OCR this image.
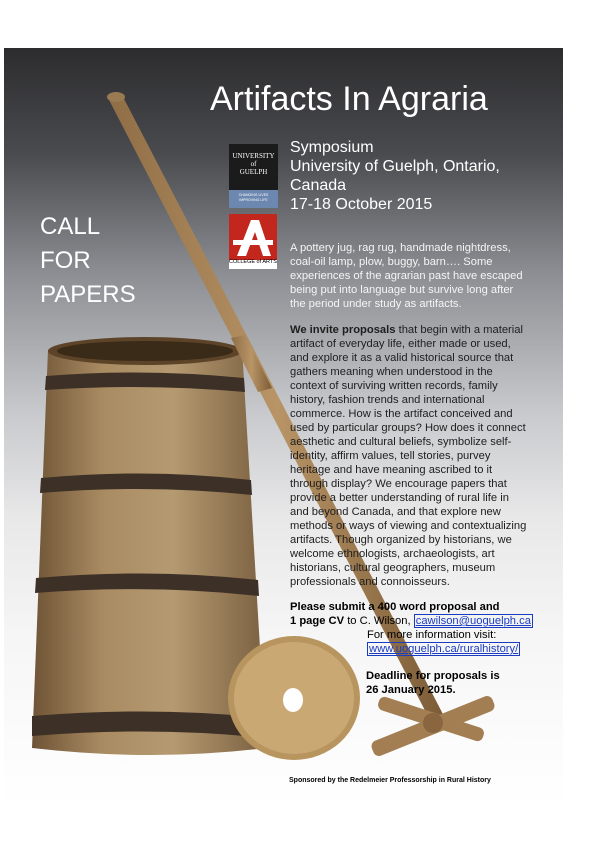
Artifacts In Agraria
CALL
FOR
PAPERS
UNIVERSITY
of
GUELPH
CHANGING LIVES
IMPROVING LIFE
COLLEGE of ARTS
Symposium
University of Guelph, Ontario,
Canada
17-18 October 2015
A pottery jug, rag rug, handmade nightdress,
coal-oil lamp, plow, buggy, barn…. Some
experiences of the agrarian past have escaped
being put into language but survive long after
the period under study as artifacts.
We invite proposals that begin with a material
artifact of everyday life, either made or used,
and explore it as a valid historical source that
gathers meaning when understood in the
context of surviving written records, family
history, fashion trends and international
commerce. How is the artifact conceived and
used by particular groups? How does it connect
aesthetic and cultural beliefs, symbolize self-
identity, affirm values, tell stories, purvey
heritage and have meaning ascribed to it
through display? We encourage papers that
provide a better understanding of rural life in
and beyond Canada, and that explore new
methods or ways of viewing and contextualizing
artifacts. Though organized by historians, we
welcome ethnologists, archaeologists, art
historians, cultural geographers, museum
professionals and connoisseurs.
Please submit a 400 word proposal and
1 page CV to C. Wilson, cawilson@uoguelph.ca
For more information visit:
www.uoguelph.ca/ruralhistory/
Deadline for proposals is
26 January 2015.
Sponsored by the Redelmeier Professorship in Rural History
